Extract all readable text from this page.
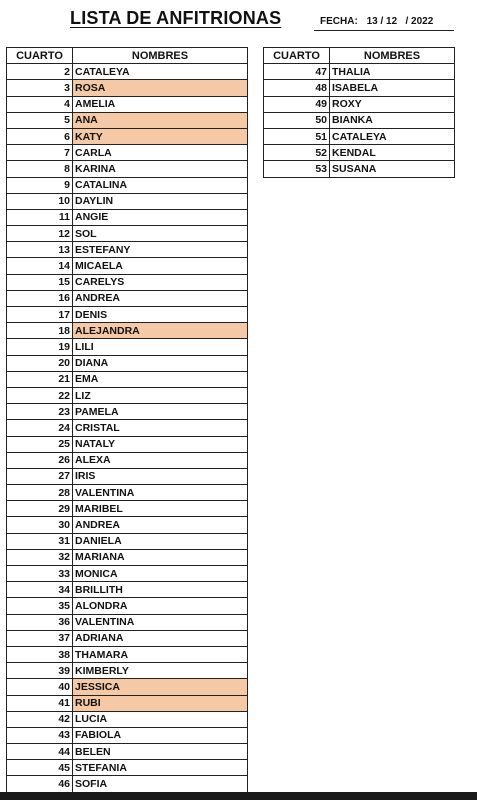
LISTA DE ANFITRIONAS	FECHA: 13 / 12   / 2022
CUARTO	NOMBRES
2	CATALEYA
3	ROSA
4	AMELIA
5	ANA
6	KATY
7	CARLA
8	KARINA
9	CATALINA
10	DAYLIN
11	ANGIE
12	SOL
13	ESTEFANY
14	MICAELA
15	CARELYS
16	ANDREA
17	DENIS
18	ALEJANDRA
19	LILI
20	DIANA
21	EMA
22	LIZ
23	PAMELA
24	CRISTAL
25	NATALY
26	ALEXA
27	IRIS
28	VALENTINA
29	MARIBEL
30	ANDREA
31	DANIELA
32	MARIANA
33	MONICA
34	BRILLITH
35	ALONDRA
36	VALENTINA
37	ADRIANA
38	THAMARA
39	KIMBERLY
40	JESSICA
41	RUBI
42	LUCIA
43	FABIOLA
44	BELEN
45	STEFANIA
46	SOFIA
CUARTO	NOMBRES
47	THALIA
48	ISABELA
49	ROXY
50	BIANKA
51	CATALEYA
52	KENDAL
53	SUSANA
